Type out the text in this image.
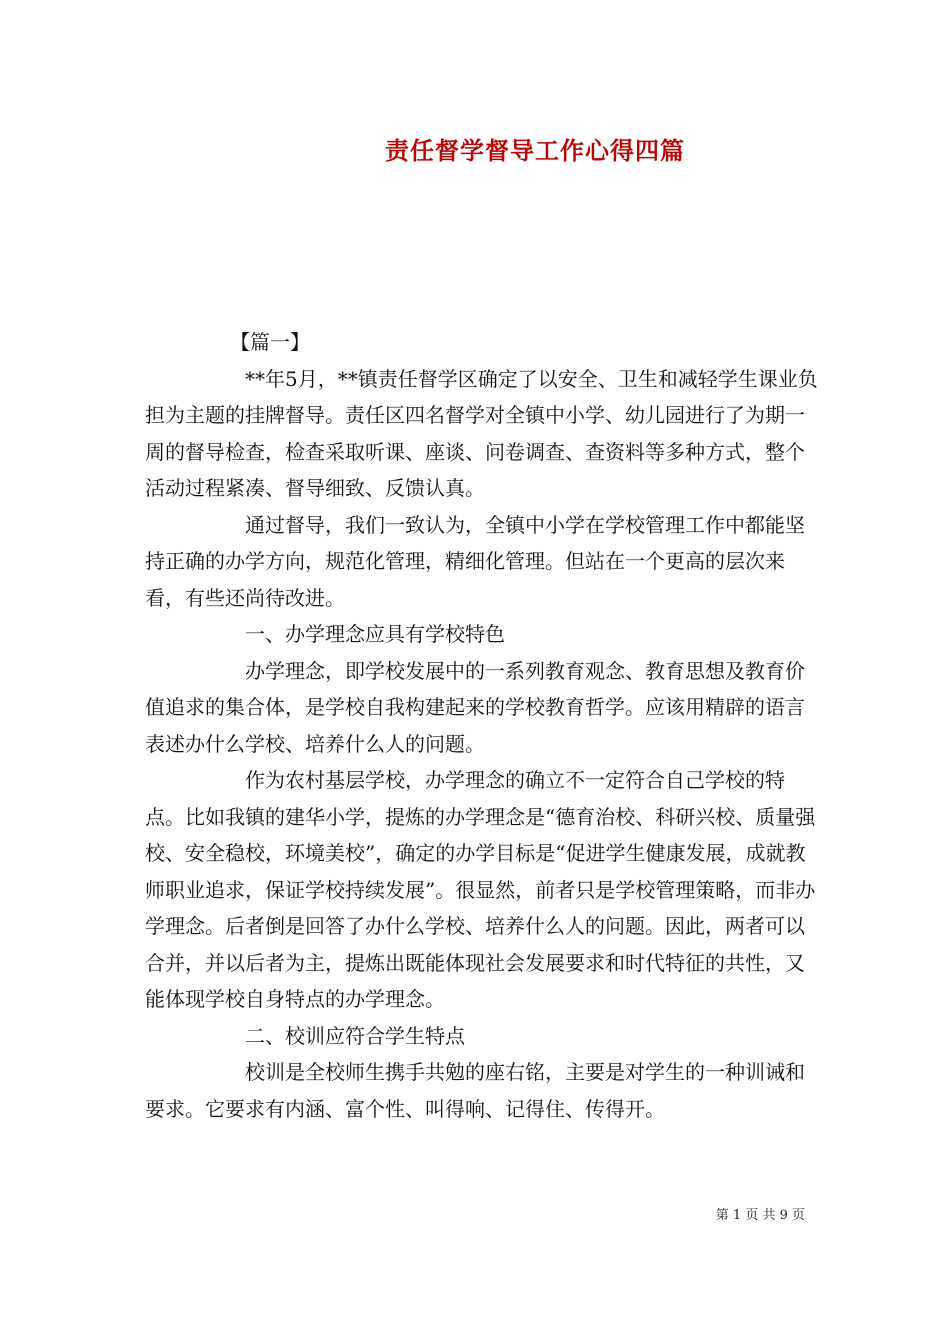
责任督学督导工作心得四篇

【篇一】

**年5月，**镇责任督学区确定了以安全、卫生和减轻学生课业负担为主题的挂牌督导。责任区四名督学对全镇中小学、幼儿园进行了为期一周的督导检查，检查采取听课、座谈、问卷调查、查资料等多种方式，整个活动过程紧凑、督导细致、反馈认真。

通过督导，我们一致认为，全镇中小学在学校管理工作中都能坚持正确的办学方向，规范化管理，精细化管理。但站在一个更高的层次来看，有些还尚待改进。

一、办学理念应具有学校特色

办学理念，即学校发展中的一系列教育观念、教育思想及教育价值追求的集合体，是学校自我构建起来的学校教育哲学。应该用精辟的语言表述办什么学校、培养什么人的问题。

作为农村基层学校，办学理念的确立不一定符合自己学校的特点。比如我镇的建华小学，提炼的办学理念是“德育治校、科研兴校、质量强校、安全稳校，环境美校”，确定的办学目标是“促进学生健康发展，成就教师职业追求，保证学校持续发展”。很显然，前者只是学校管理策略，而非办学理念。后者倒是回答了办什么学校、培养什么人的问题。因此，两者可以合并，并以后者为主，提炼出既能体现社会发展要求和时代特征的共性，又能体现学校自身特点的办学理念。

二、校训应符合学生特点

校训是全校师生携手共勉的座右铭，主要是对学生的一种训诫和要求。它要求有内涵、富个性、叫得响、记得住、传得开。

第 1 页 共 9 页
